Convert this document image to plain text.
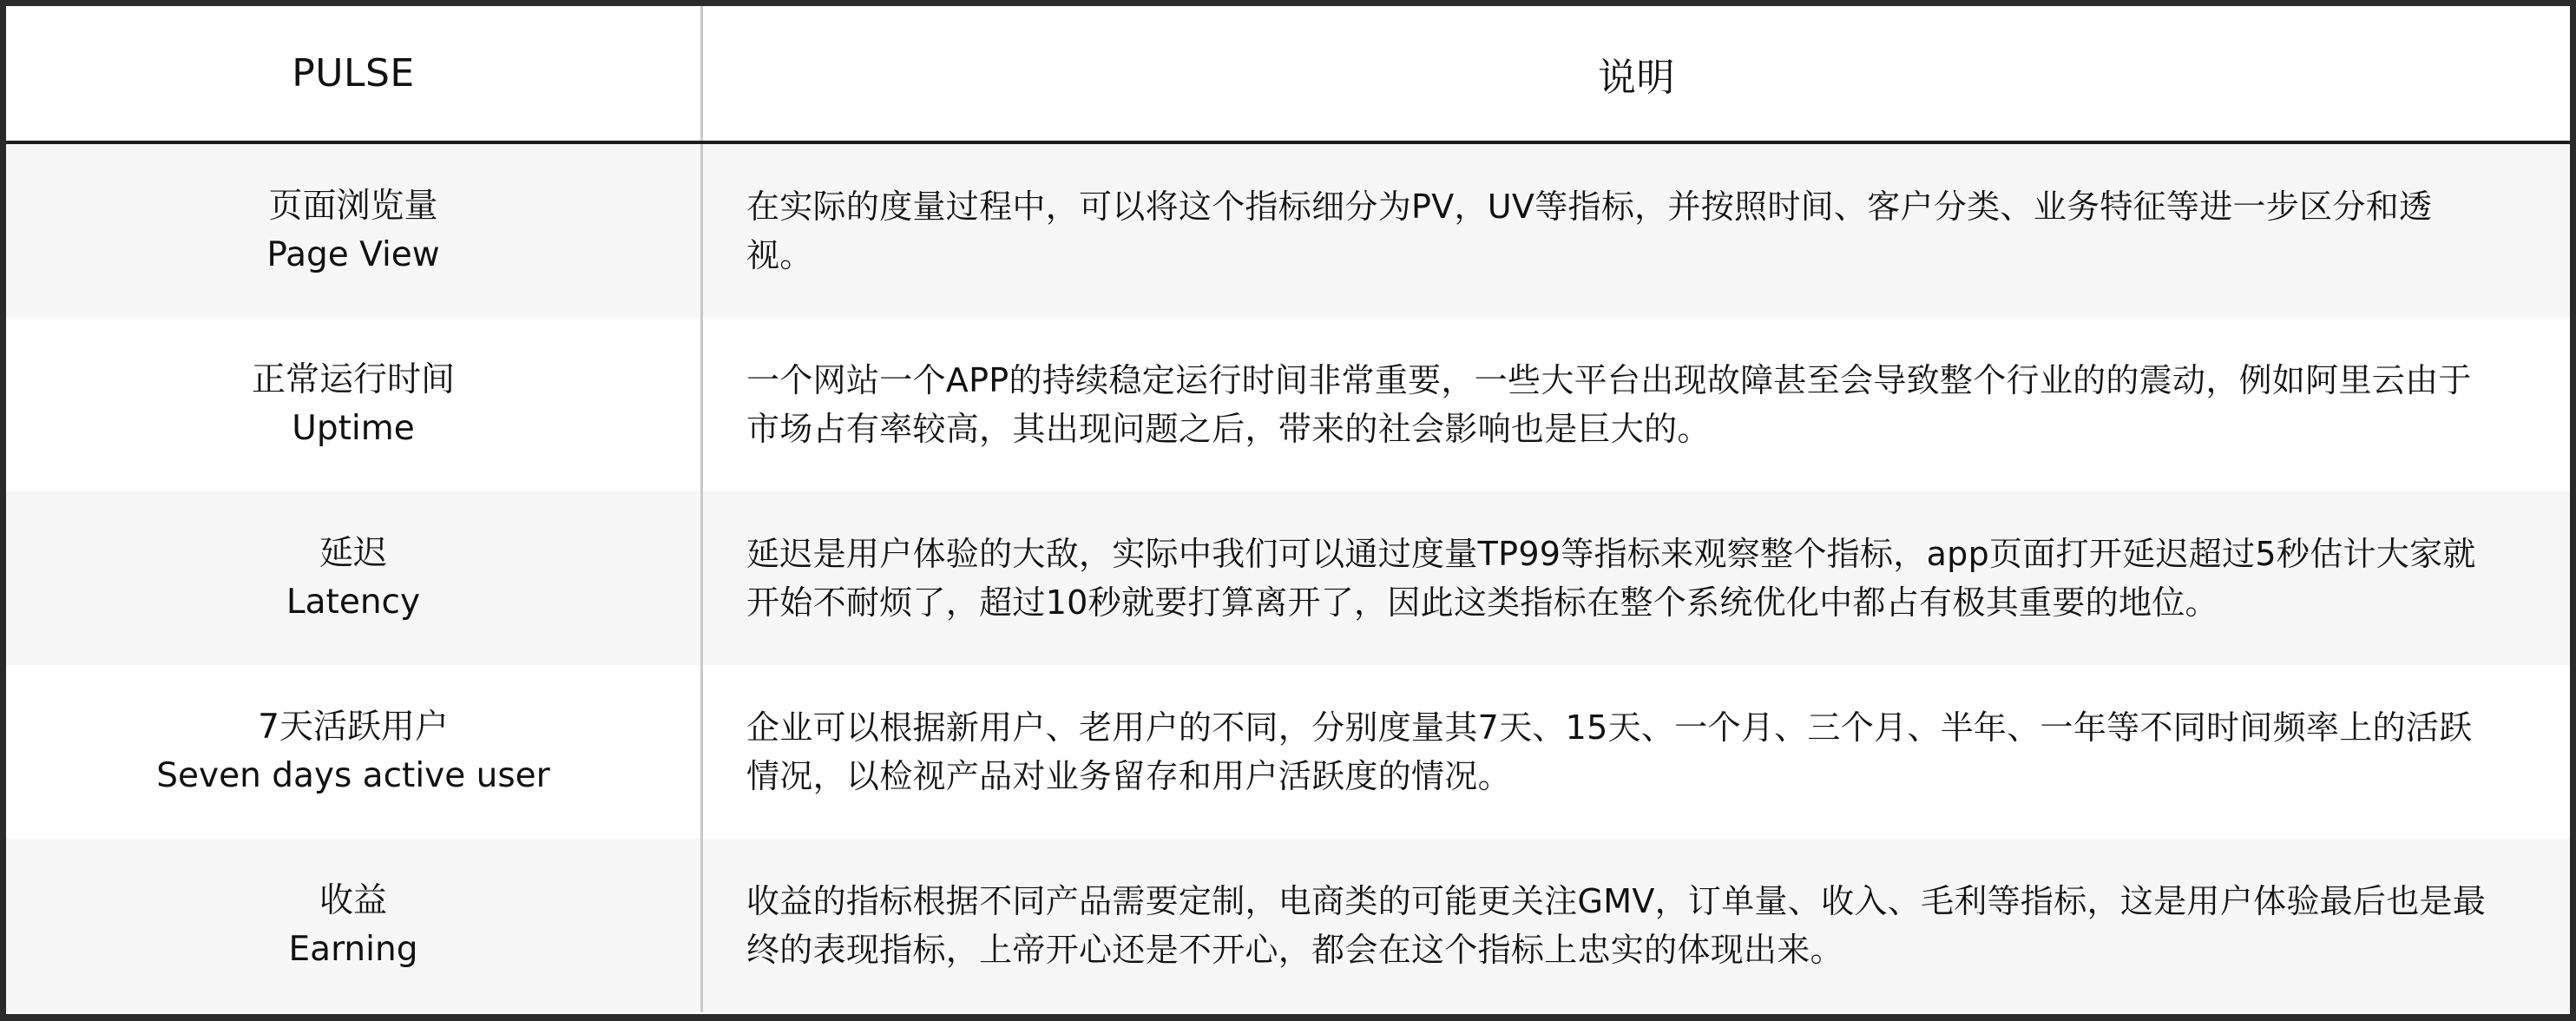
PULSE	说明
页面浏览量
Page View
在实际的度量过程中，可以将这个指标细分为PV，UV等指标，并按照时间、客户分类、业务特征等进一步区分和透视。
正常运行时间
Uptime
一个网站一个APP的持续稳定运行时间非常重要，一些大平台出现故障甚至会导致整个行业的的震动，例如阿里云由于市场占有率较高，其出现问题之后，带来的社会影响也是巨大的。
延迟
Latency
延迟是用户体验的大敌，实际中我们可以通过度量TP99等指标来观察整个指标，app页面打开延迟超过5秒估计大家就开始不耐烦了，超过10秒就要打算离开了，因此这类指标在整个系统优化中都占有极其重要的地位。
7天活跃用户
Seven days active user
企业可以根据新用户、老用户的不同，分别度量其7天、15天、一个月、三个月、半年、一年等不同时间频率上的活跃情况，以检视产品对业务留存和用户活跃度的情况。
收益
Earning
收益的指标根据不同产品需要定制，电商类的可能更关注GMV，订单量、收入、毛利等指标，这是用户体验最后也是最终的表现指标，上帝开心还是不开心，都会在这个指标上忠实的体现出来。
